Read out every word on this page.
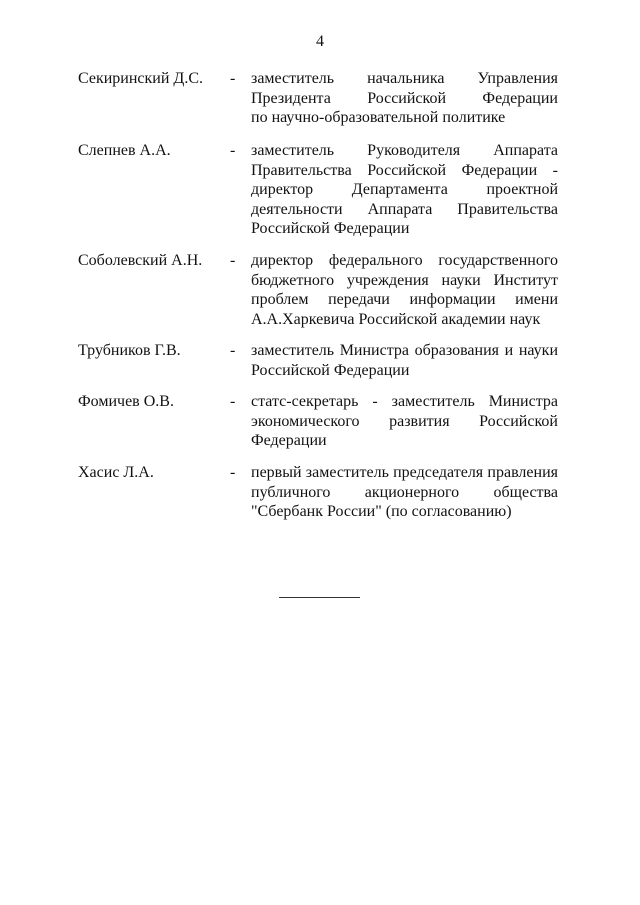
4
Секиринский Д.С. - заместитель начальника Управления
Президента Российской Федерации
по научно-образовательной политике
Слепнев А.А.	- заместитель Руководителя Аппарата
Правительства Российской Федерации -
директор Департамента проектной
деятельности Аппарата Правительства
Российской Федерации
Соболевский А.Н. - директор федерального государственного
бюджетного учреждения науки Институт
проблем передачи информации имени
А.А.Харкевича Российской академии наук
Трубников Г.В.	- заместитель Министра образования и науки
Российской Федерации
Фомичев О.В.	- статс-секретарь - заместитель Министра
экономического развития Российской
Федерации
Хасис Л.А.	- первый заместитель председателя правления
публичного акционерного общества
"Сбербанк России" (по согласованию)
